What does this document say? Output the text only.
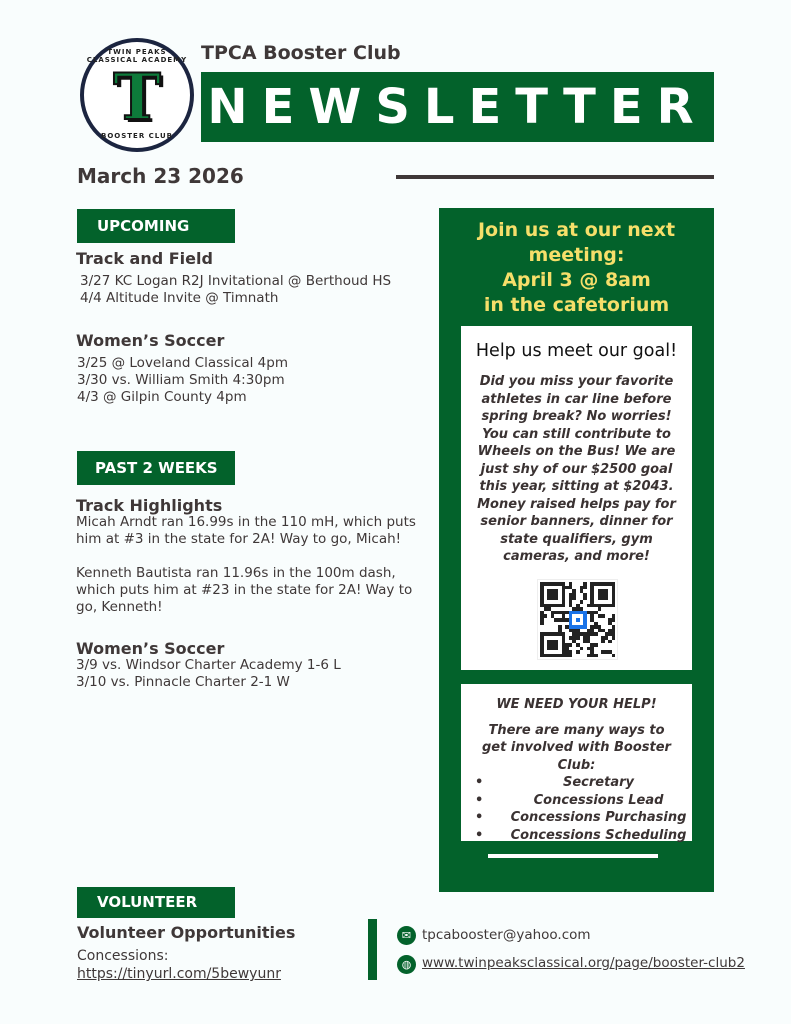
TWIN PEAKS CLASSICAL ACADEMY
T
BOOSTER CLUB
TPCA Booster Club
NEWSLETTER
March 23 2026
UPCOMING
Track and Field
3/27 KC Logan R2J Invitational @ Berthoud HS
4/4 Altitude Invite @ Timnath
Women’s Soccer
3/25 @ Loveland Classical 4pm
3/30 vs. William Smith 4:30pm
4/3 @ Gilpin County 4pm
PAST 2 WEEKS
Track Highlights
Micah Arndt ran 16.99s in the 110 mH, which puts him at #3 in the state for 2A! Way to go, Micah!
Kenneth Bautista ran 11.96s in the 100m dash, which puts him at #23 in the state for 2A! Way to go, Kenneth!
Women’s Soccer
3/9 vs. Windsor Charter Academy 1-6 L
3/10 vs. Pinnacle Charter 2-1 W
Join us at our next
meeting:
April 3 @ 8am
in the cafetorium
Help us meet our goal!
Did you miss your favorite athletes in car line before spring break? No worries! You can still contribute to Wheels on the Bus! We are just shy of our $2500 goal this year, sitting at $2043. Money raised helps pay for senior banners, dinner for state qualifiers, gym cameras, and more!
WE NEED YOUR HELP!
There are many ways to get involved with Booster Club:
•	Secretary
•	Concessions Lead
•	Concessions Purchasing
•	Concessions Scheduling
VOLUNTEER
Volunteer Opportunities
Concessions:
https://tinyurl.com/5bewyunr
✉ tpcabooster@yahoo.com
◍ www.twinpeaksclassical.org/page/booster-club2
